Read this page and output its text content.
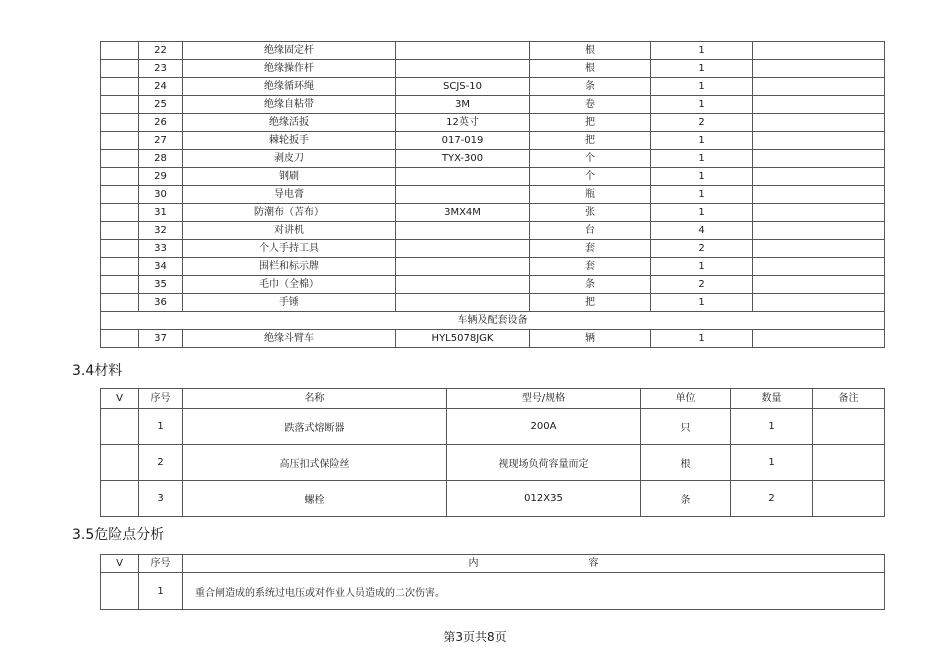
	22	绝缘固定杆		根	1	
	23	绝缘操作杆		根	1	
	24	绝缘循环绳	SCJS-10	条	1	
	25	绝缘自粘带	3M	卷	1	
	26	绝缘活扳	12英寸	把	2	
	27	棘轮扳手	017-019	把	1	
	28	剥皮刀	TYX-300	个	1	
	29	钢刷		个	1	
	30	导电膏		瓶	1	
	31	防潮布（苫布）	3MX4M	张	1	
	32	对讲机		台	4	
	33	个人手持工具		套	2	
	34	围栏和标示牌		套	1	
	35	毛巾（全棉）		条	2	
	36	手锤		把	1	
车辆及配套设备						
	37	绝缘斗臂车	HYL5078JGK	辆	1	
3.4材料
V	序号	名称	型号/规格	单位	数量	备注
	1	跌落式熔断器	200A	只	1	
	2	高压扣式保险丝	视现场负荷容量而定	根	1	
	3	螺栓	012X35	条	2	
3.5危险点分析
V	序号	内 容
	1	重合闸造成的系统过电压或对作业人员造成的二次伤害。
第3页共8页
